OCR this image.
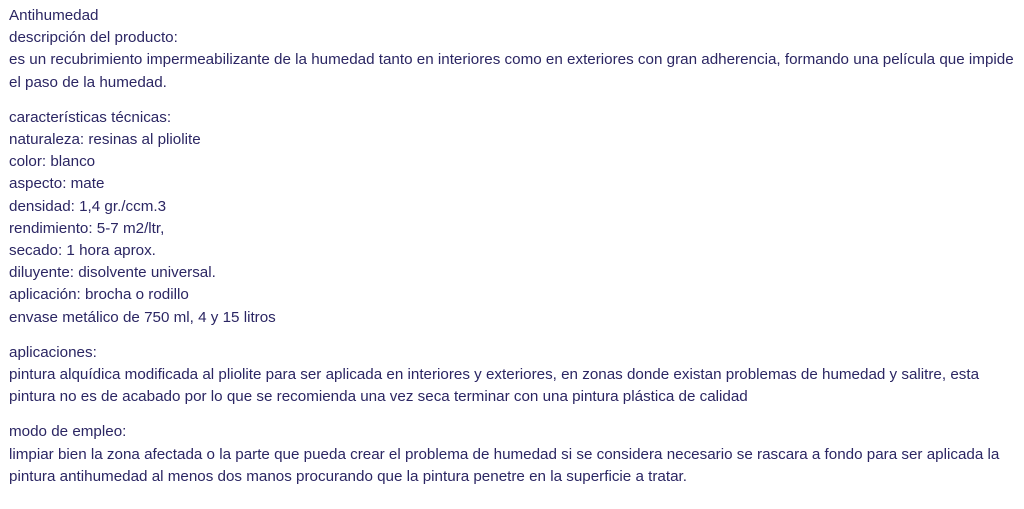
Antihumedad
descripción del producto:
es un recubrimiento impermeabilizante de la humedad tanto en interiores como en exteriores con gran adherencia, formando una película que impide el paso de la humedad.
características técnicas:
naturaleza: resinas al pliolite
color: blanco
aspecto: mate
densidad: 1,4 gr./ccm.3
rendimiento: 5-7 m2/ltr,
secado: 1 hora aprox.
diluyente: disolvente universal.
aplicación: brocha o rodillo
envase metálico de 750 ml, 4 y 15 litros
aplicaciones:
pintura alquídica modificada al pliolite para ser aplicada en interiores y exteriores, en zonas donde existan problemas de humedad y salitre, esta pintura no es de acabado por lo que se recomienda una vez seca terminar con una pintura plástica de calidad
modo de empleo:
limpiar bien la zona afectada o la parte que pueda crear el problema de humedad si se considera necesario se rascara a fondo para ser aplicada la pintura antihumedad al menos dos manos procurando que la pintura penetre en la superficie a tratar.
